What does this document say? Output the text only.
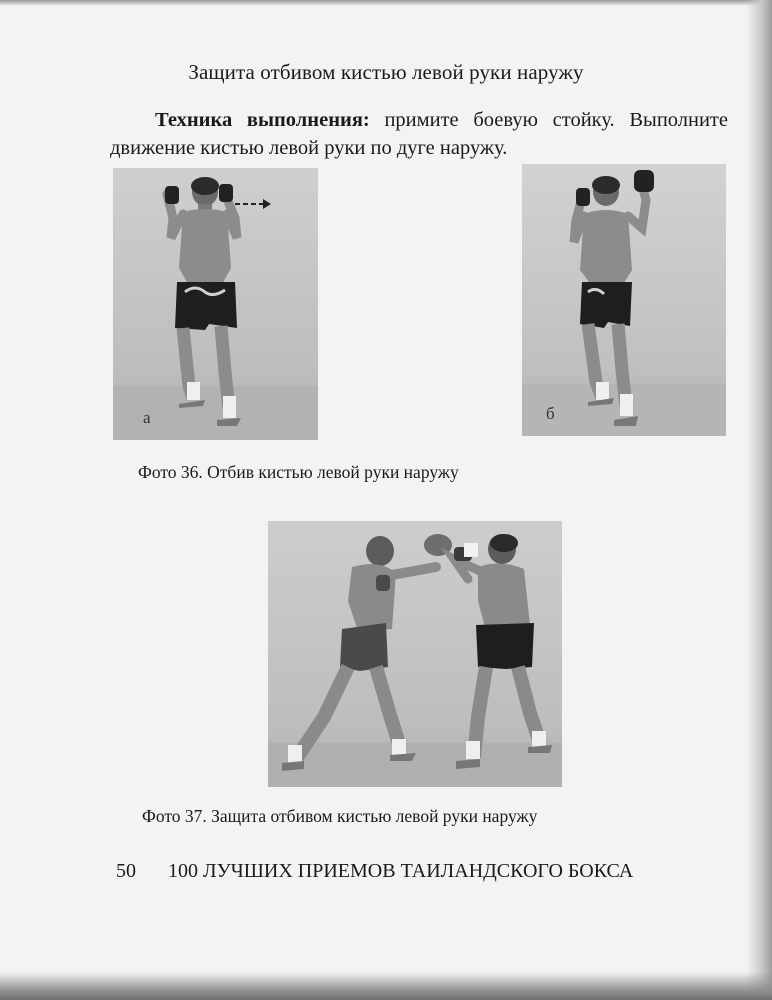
Защита отбивом кистью левой руки наружу
Техника выполнения: примите боевую стойку. Выполните движение кистью левой руки по дуге наружу.
а	б
Фото 36. Отбив кистью левой руки наружу
Фото 37. Защита отбивом кистью левой руки наружу
50 100 ЛУЧШИХ ПРИЕМОВ ТАИЛАНДСКОГО БОКСА
